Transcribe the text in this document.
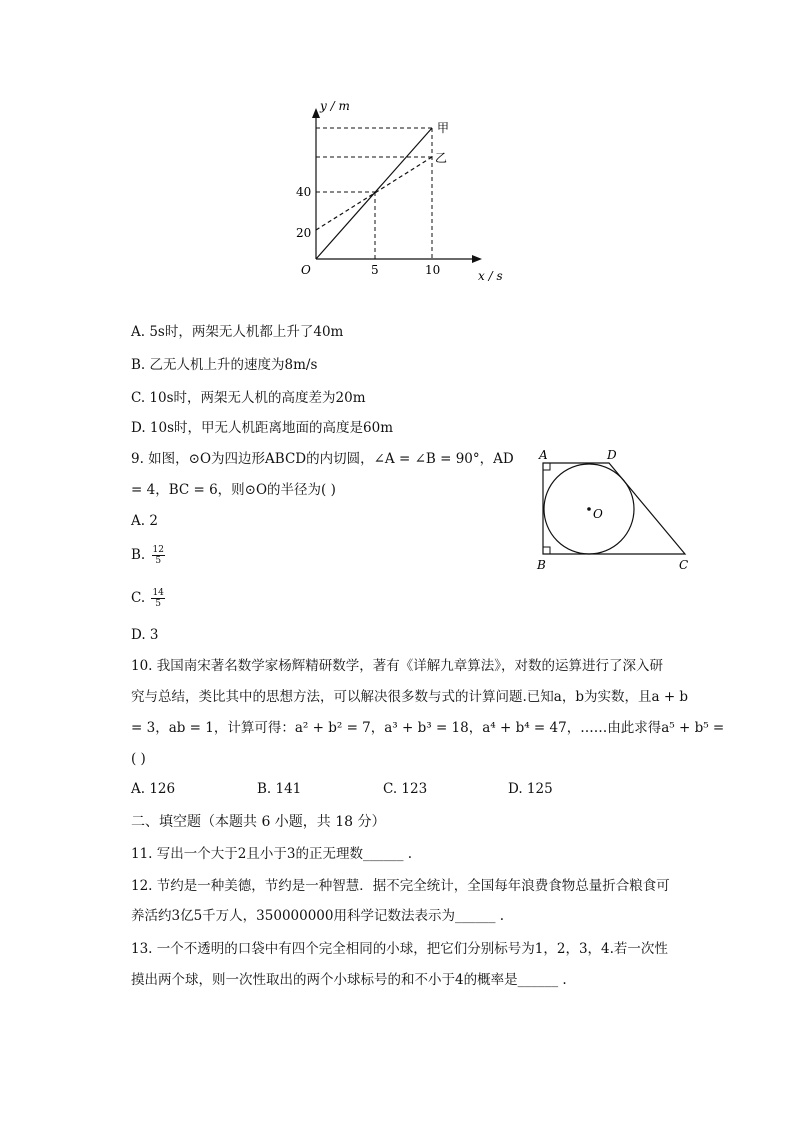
y / m
x / s
O
20
40
5	10
甲
乙
A. 5s时，两架无人机都上升了40m
B. 乙无人机上升的速度为8m/s
C. 10s时，两架无人机的高度差为20m
D. 10s时，甲无人机距离地面的高度是60m
9. 如图，⊙O为四边形ABCD的内切圆，∠A = ∠B = 90°，AD
= 4，BC = 6，则⊙O的半径为( )
A. 2
B. $\frac{12}{5}$
C. $\frac{14}{5}$
D. 3
A	D
B	C
O
10. 我国南宋著名数学家杨辉精研数学，著有《详解九章算法》，对数的运算进行了深入研
究与总结，类比其中的思想方法，可以解决很多数与式的计算问题.已知a，b为实数，且a + b
= 3，ab = 1，计算可得：a² + b² = 7，a³ + b³ = 18，a⁴ + b⁴ = 47，……由此求得a⁵ + b⁵ =
( )
A. 126	B. 141	C. 123	D. 125
二、填空题（本题共 6 小题，共 18 分）
11. 写出一个大于2且小于3的正无理数______ .
12. 节约是一种美德，节约是一种智慧．据不完全统计，全国每年浪费食物总量折合粮食可
养活约3亿5千万人，350000000用科学记数法表示为______ .
13. 一个不透明的口袋中有四个完全相同的小球，把它们分别标号为1，2，3，4.若一次性
摸出两个球，则一次性取出的两个小球标号的和不小于4的概率是______ .
